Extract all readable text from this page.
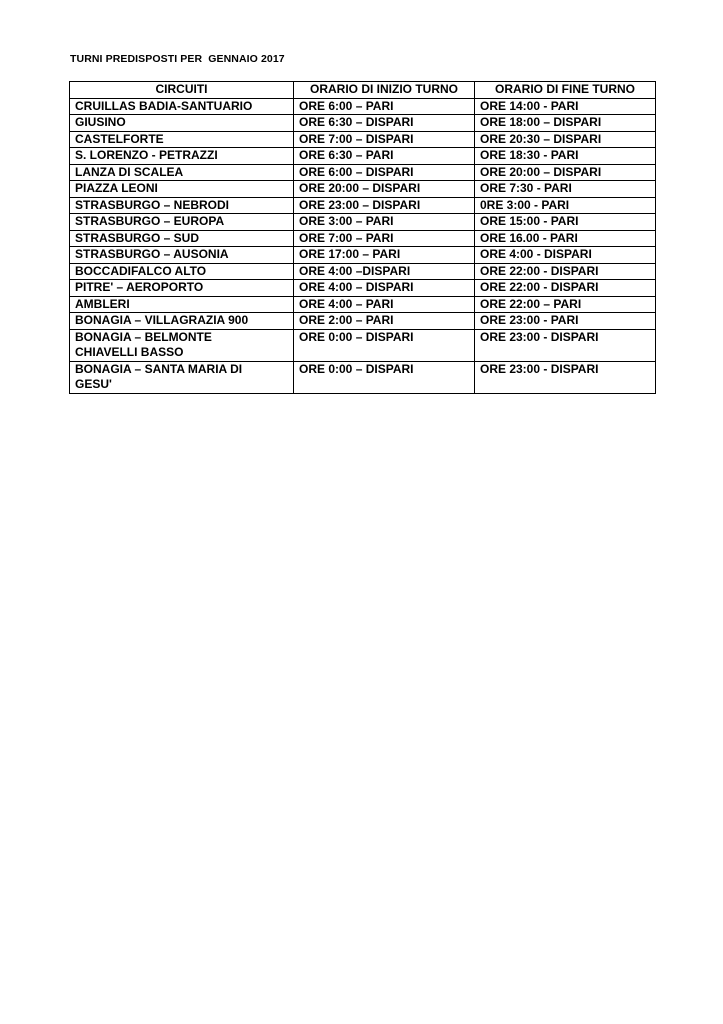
TURNI PREDISPOSTI PER  GENNAIO 2017
CIRCUITI	ORARIO DI INIZIO TURNO	ORARIO DI FINE TURNO
CRUILLAS BADIA-SANTUARIO	ORE 6:00 – PARI	ORE 14:00 - PARI
GIUSINO	ORE 6:30 – DISPARI	ORE 18:00 – DISPARI
CASTELFORTE	ORE 7:00 – DISPARI	ORE 20:30 – DISPARI
S. LORENZO - PETRAZZI	ORE 6:30 – PARI	ORE 18:30 - PARI
LANZA DI SCALEA	ORE 6:00 – DISPARI	ORE 20:00 – DISPARI
PIAZZA LEONI	ORE 20:00 – DISPARI	ORE 7:30 - PARI
STRASBURGO – NEBRODI	ORE 23:00 – DISPARI	0RE 3:00 - PARI
STRASBURGO – EUROPA	ORE 3:00 – PARI	ORE 15:00 - PARI
STRASBURGO – SUD	ORE 7:00 – PARI	ORE 16.00 - PARI
STRASBURGO – AUSONIA	ORE 17:00 – PARI	ORE 4:00 - DISPARI
BOCCADIFALCO ALTO	ORE 4:00 –DISPARI	ORE 22:00 - DISPARI
PITRE' – AEROPORTO	ORE 4:00 – DISPARI	ORE 22:00 - DISPARI
AMBLERI	ORE 4:00 – PARI	ORE 22:00 – PARI
BONAGIA – VILLAGRAZIA 900	ORE 2:00 – PARI	ORE 23:00 - PARI

BONAGIA – BELMONTE
CHIAVELLI BASSO	ORE 0:00 – DISPARI	ORE 23:00 - DISPARI

BONAGIA – SANTA MARIA DI
GESU'	ORE 0:00 – DISPARI	ORE 23:00 - DISPARI
